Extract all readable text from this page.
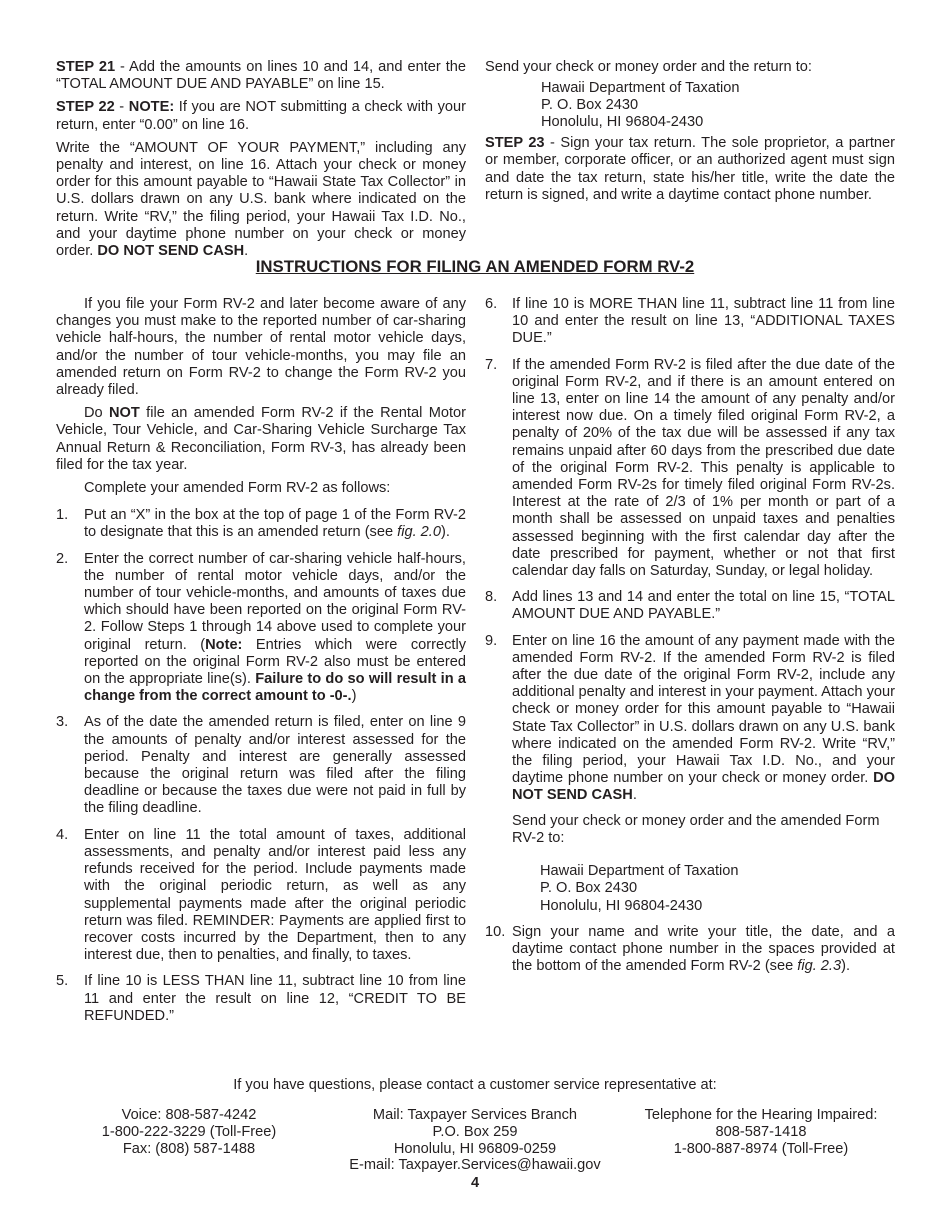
STEP 21 - Add the amounts on lines 10 and 14, and enter the “TOTAL AMOUNT DUE AND PAYABLE” on line 15.

STEP 22 - NOTE: If you are NOT submitting a check with your return, enter “0.00” on line 16.

Write the “AMOUNT OF YOUR PAYMENT,” including any penalty and interest, on line 16. Attach your check or money order for this amount payable to “Hawaii State Tax Collector” in U.S. dollars drawn on any U.S. bank where indicated on the return. Write “RV,” the filing period, your Hawaii Tax I.D. No., and your daytime phone number on your check or money order. DO NOT SEND CASH.

Send your check or money order and the return to:

Hawaii Department of Taxation
P. O. Box 2430
Honolulu, HI 96804-2430

STEP 23 - Sign your tax return. The sole proprietor, a partner or member, corporate officer, or an authorized agent must sign and date the tax return, state his/her title, write the date the return is signed, and write a daytime contact phone number.

INSTRUCTIONS FOR FILING AN AMENDED FORM RV-2

If you file your Form RV-2 and later become aware of any changes you must make to the reported number of car-sharing vehicle half-hours, the number of rental motor vehicle days, and/or the number of tour vehicle-months, you may file an amended return on Form RV-2 to change the Form RV-2 you already filed.

Do NOT file an amended Form RV-2 if the Rental Motor Vehicle, Tour Vehicle, and Car-Sharing Vehicle Surcharge Tax Annual Return & Reconciliation, Form RV-3, has already been filed for the tax year.

Complete your amended Form RV-2 as follows:

1. Put an “X” in the box at the top of page 1 of the Form RV-2 to designate that this is an amended return (see fig. 2.0).
2. Enter the correct number of car-sharing vehicle half-hours, the number of rental motor vehicle days, and/or the number of tour vehicle-months, and amounts of taxes due which should have been reported on the original Form RV-2. Follow Steps 1 through 14 above used to complete your original return. (Note: Entries which were correctly reported on the original Form RV-2 also must be entered on the appropriate line(s). Failure to do so will result in a change from the correct amount to -0-.)
3. As of the date the amended return is filed, enter on line 9 the amounts of penalty and/or interest assessed for the period. Penalty and interest are generally assessed because the original return was filed after the filing deadline or because the taxes due were not paid in full by the filing deadline.
4. Enter on line 11 the total amount of taxes, additional assessments, and penalty and/or interest paid less any refunds received for the period. Include payments made with the original periodic return, as well as any supplemental payments made after the original periodic return was filed. REMINDER: Payments are applied first to recover costs incurred by the Department, then to any interest due, then to penalties, and finally, to taxes.
5. If line 10 is LESS THAN line 11, subtract line 10 from line 11 and enter the result on line 12, “CREDIT TO BE REFUNDED.”
6. If line 10 is MORE THAN line 11, subtract line 11 from line 10 and enter the result on line 13, “ADDITIONAL TAXES DUE.”
7. If the amended Form RV-2 is filed after the due date of the original Form RV-2, and if there is an amount entered on line 13, enter on line 14 the amount of any penalty and/or interest now due. On a timely filed original Form RV-2, a penalty of 20% of the tax due will be assessed if any tax remains unpaid after 60 days from the prescribed due date of the original Form RV-2. This penalty is applicable to amended Form RV-2s for timely filed original Form RV-2s. Interest at the rate of 2/3 of 1% per month or part of a month shall be assessed on unpaid taxes and penalties assessed beginning with the first calendar day after the date prescribed for payment, whether or not that first calendar day falls on Saturday, Sunday, or legal holiday.
8. Add lines 13 and 14 and enter the total on line 15, “TOTAL AMOUNT DUE AND PAYABLE.”
9. Enter on line 16 the amount of any payment made with the amended Form RV-2. If the amended Form RV-2 is filed after the due date of the original Form RV-2, include any additional penalty and interest in your payment. Attach your check or money order for this amount payable to “Hawaii State Tax Collector” in U.S. dollars drawn on any U.S. bank where indicated on the amended Form RV-2. Write “RV,” the filing period, your Hawaii Tax I.D. No., and your daytime phone number on your check or money order. DO NOT SEND CASH.
Send your check or money order and the amended Form RV-2 to:
Hawaii Department of Taxation
P. O. Box 2430
Honolulu, HI 96804-2430
10. Sign your name and write your title, the date, and a daytime contact phone number in the spaces provided at the bottom of the amended Form RV-2 (see fig. 2.3).
If you have questions, please contact a customer service representative at:
Voice: 808-587-4242
1-800-222-3229 (Toll-Free)
Fax: (808) 587-1488
Mail: Taxpayer Services Branch
P.O. Box 259
Honolulu, HI 96809-0259
E-mail: Taxpayer.Services@hawaii.gov
Telephone for the Hearing Impaired:
808-587-1418
1-800-887-8974 (Toll-Free)
4
